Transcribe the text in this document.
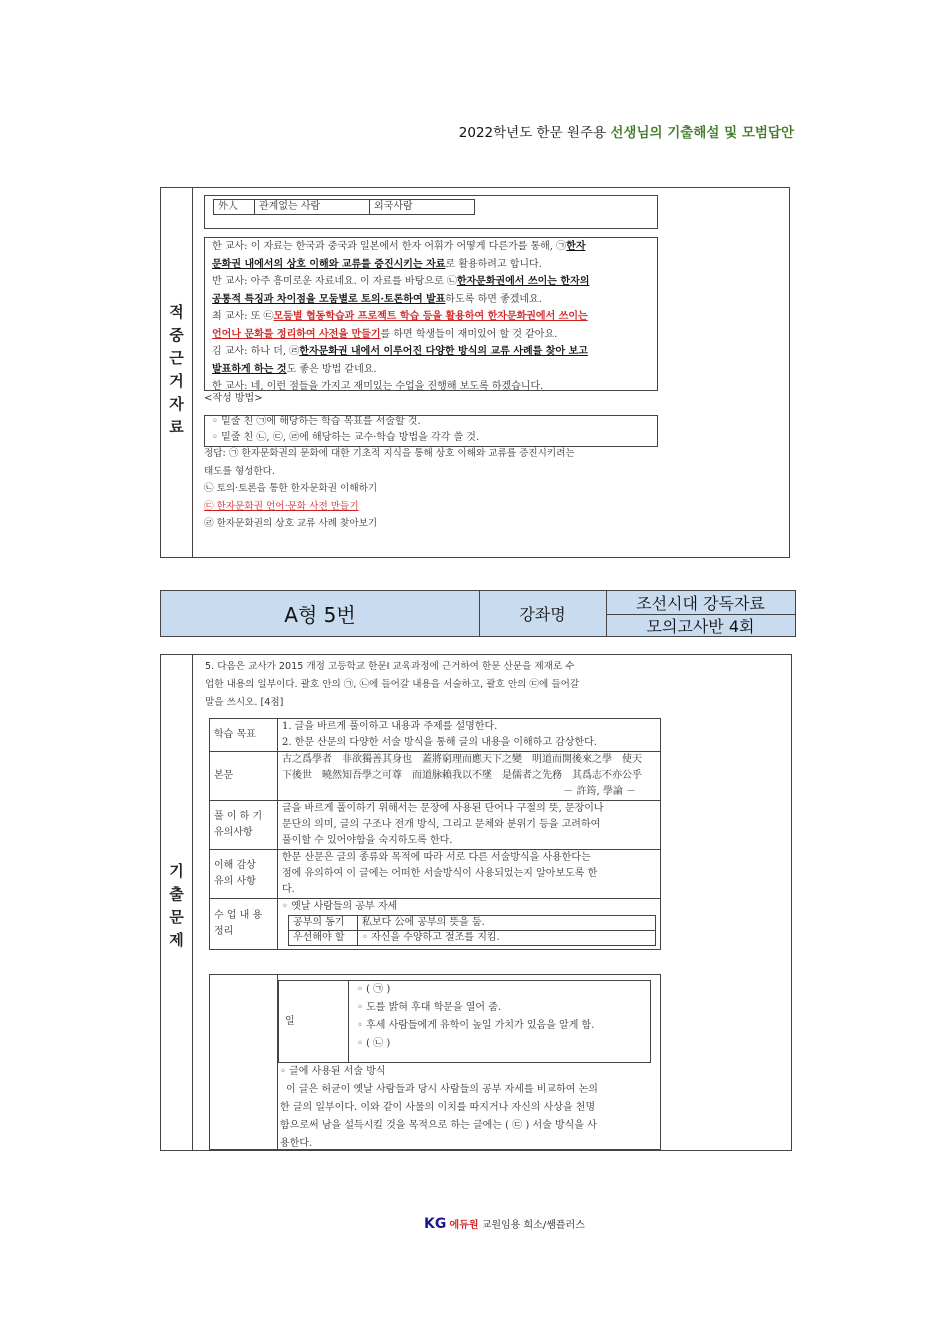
2022학년도 한문 원주용 선생님의 기출해설 및 모범답안
적
중
근
거
자
료
外人	관계없는 사람	외국사람
한 교사: 이 자료는 한국과 중국과 일본에서 한자 어휘가 어떻게 다른가를 통해, ㉠한자
문화권 내에서의 상호 이해와 교류를 증진시키는 자료로 활용하려고 합니다.
반 교사: 아주 흥미로운 자료네요. 이 자료를 바탕으로 ㉡한자문화권에서 쓰이는 한자의
공통적 특징과 차이점을 모둠별로 토의·토론하여 발표하도록 하면 좋겠네요.
최 교사: 또 ㉢모둠별 협동학습과 프로젝트 학습 등을 활용하여 한자문화권에서 쓰이는
언어나 문화를 정리하여 사전을 만들기를 하면 학생들이 재미있어 할 것 같아요.
김 교사: 하나 더, ㉣한자문화권 내에서 이루어진 다양한 방식의 교류 사례를 찾아 보고
발표하게 하는 것도 좋은 방법 같네요.
한 교사: 네, 이런 점들을 가지고 재미있는 수업을 진행해 보도록 하겠습니다.
<작성 방법>
◦ 밑줄 친 ㉠에 해당하는 학습 목표를 서술할 것.
◦ 밑줄 친 ㉡, ㉢, ㉣에 해당하는 교수·학습 방법을 각각 쓸 것.
정답: ㉠ 한자문화권의 문화에 대한 기초적 지식을 통해 상호 이해와 교류를 증진시키려는
태도를 형성한다.
㉡ 토의·토론을 통한 한자문화권 이해하기
㉢ 한자문화권 언어·문화 사전 만들기
㉣ 한자문화권의 상호 교류 사례 찾아보기
A형 5번	강좌명
조선시대 강독자료
모의고사반 4회
기
출
문
제
5. 다음은 교사가 2015 개정 고등학교 한문Ⅰ 교육과정에 근거하여 한문 산문을 제재로 수
업한 내용의 일부이다. 괄호 안의 ㉠, ㉡에 들어갈 내용을 서술하고, 괄호 안의 ㉢에 들어갈
말을 쓰시오. [4점]
학습 목표	
1. 글을 바르게 풀이하고 내용과 주제를 설명한다.
2. 한문 산문의 다양한 서술 방식을 통해 글의 내용을 이해하고 감상한다.

본문	
古之爲學者　非欲獨善其身也　蓋將窮理而應天下之變　明道而開後來之學　使天
下後世　曉然知吾學之可尊　而道脉賴我以不墜　是儒者之先務　其爲志不亦公乎
－ 許筠, 學論 －

풀 이 하 기
유의사항

글을 바르게 풀이하기 위해서는 문장에 사용된 단어나 구절의 뜻, 문장이나
문단의 의미, 글의 구조나 전개 방식, 그리고 문체와 분위기 등을 고려하여
풀이할 수 있어야함을 숙지하도록 한다.

이해 감상
유의 사항

한문 산문은 글의 종류와 목적에 따라 서로 다른 서술방식을 사용한다는
점에 유의하여 이 글에는 어떠한 서술방식이 사용되었는지 알아보도록 한
다.

수 업 내 용
정리

◦ 옛날 사람들의 공부 자세
공부의 동기	私보다 公에 공부의 뜻을 둠.
우선해야 할	◦ 자신을 수양하고 절조를 지킴.
일
◦ ( ㉠ )
◦ 도를 밝혀 후대 학문을 열어 줌.
◦ 후세 사람들에게 유학이 높일 가치가 있음을 알게 함.
◦ ( ㉡ )
◦ 글에 사용된 서술 방식
이 글은 허균이 옛날 사람들과 당시 사람들의 공부 자세를 비교하여 논의
한 글의 일부이다. 이와 같이 사물의 이치를 따지거나 자신의 사상을 천명
함으로써 남을 설득시킬 것을 목적으로 하는 글에는 ( ㉢ ) 서술 방식을 사
용한다.
KG 에듀원 교원임용 희소/쌤플러스
